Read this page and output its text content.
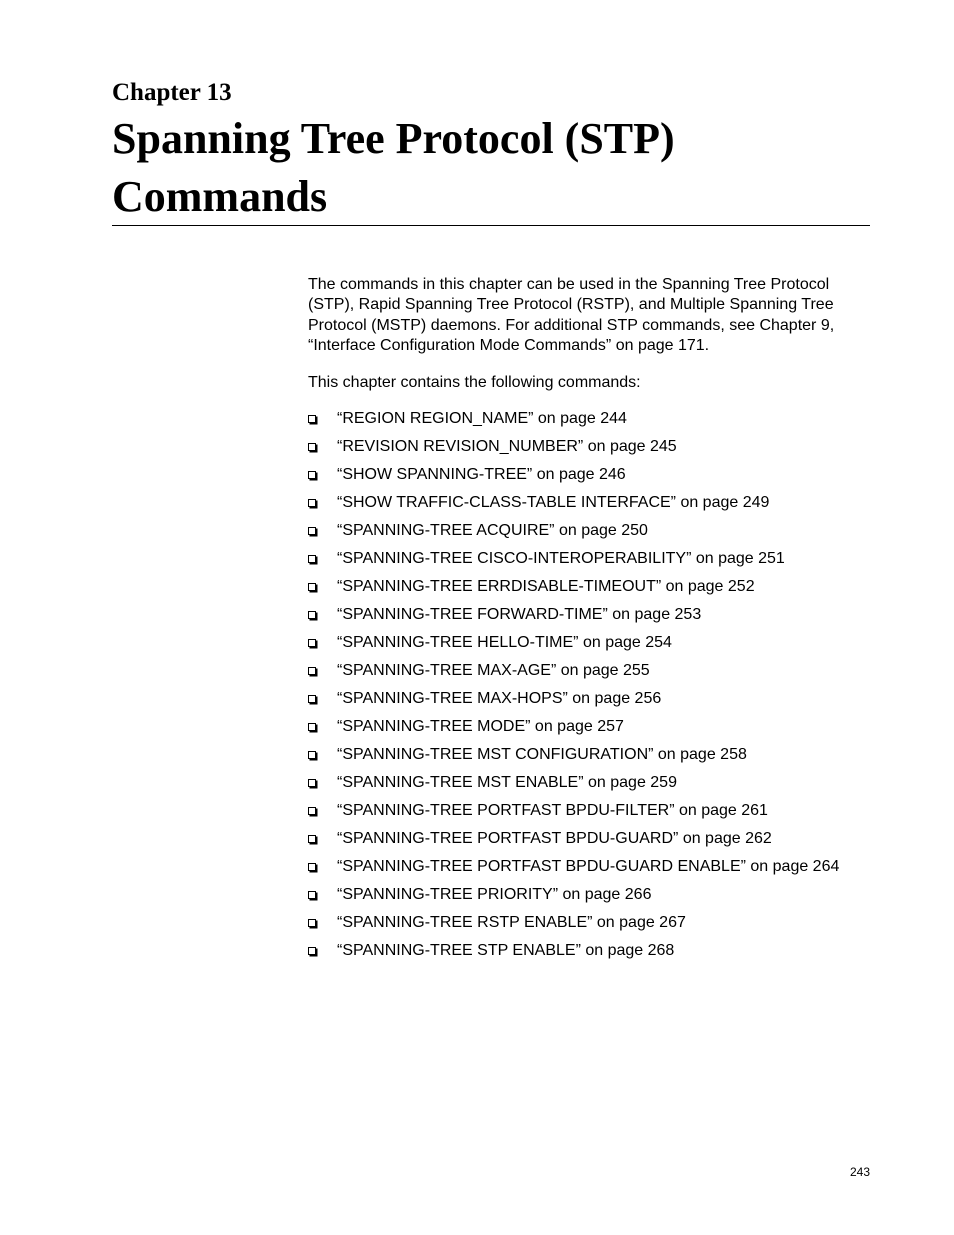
Chapter 13
Spanning Tree Protocol (STP) Commands

The commands in this chapter can be used in the Spanning Tree Protocol (STP), Rapid Spanning Tree Protocol (RSTP), and Multiple Spanning Tree Protocol (MSTP) daemons. For additional STP commands, see Chapter 9, “Interface Configuration Mode Commands” on page 171.

This chapter contains the following commands:

“REGION REGION_NAME” on page 244
“REVISION REVISION_NUMBER” on page 245
“SHOW SPANNING-TREE” on page 246
“SHOW TRAFFIC-CLASS-TABLE INTERFACE” on page 249
“SPANNING-TREE ACQUIRE” on page 250
“SPANNING-TREE CISCO-INTEROPERABILITY” on page 251
“SPANNING-TREE ERRDISABLE-TIMEOUT” on page 252
“SPANNING-TREE FORWARD-TIME” on page 253
“SPANNING-TREE HELLO-TIME” on page 254
“SPANNING-TREE MAX-AGE” on page 255
“SPANNING-TREE MAX-HOPS” on page 256
“SPANNING-TREE MODE” on page 257
“SPANNING-TREE MST CONFIGURATION” on page 258
“SPANNING-TREE MST ENABLE” on page 259
“SPANNING-TREE PORTFAST BPDU-FILTER” on page 261
“SPANNING-TREE PORTFAST BPDU-GUARD” on page 262
“SPANNING-TREE PORTFAST BPDU-GUARD ENABLE” on page 264
“SPANNING-TREE PRIORITY” on page 266
“SPANNING-TREE RSTP ENABLE” on page 267
“SPANNING-TREE STP ENABLE” on page 268
243
